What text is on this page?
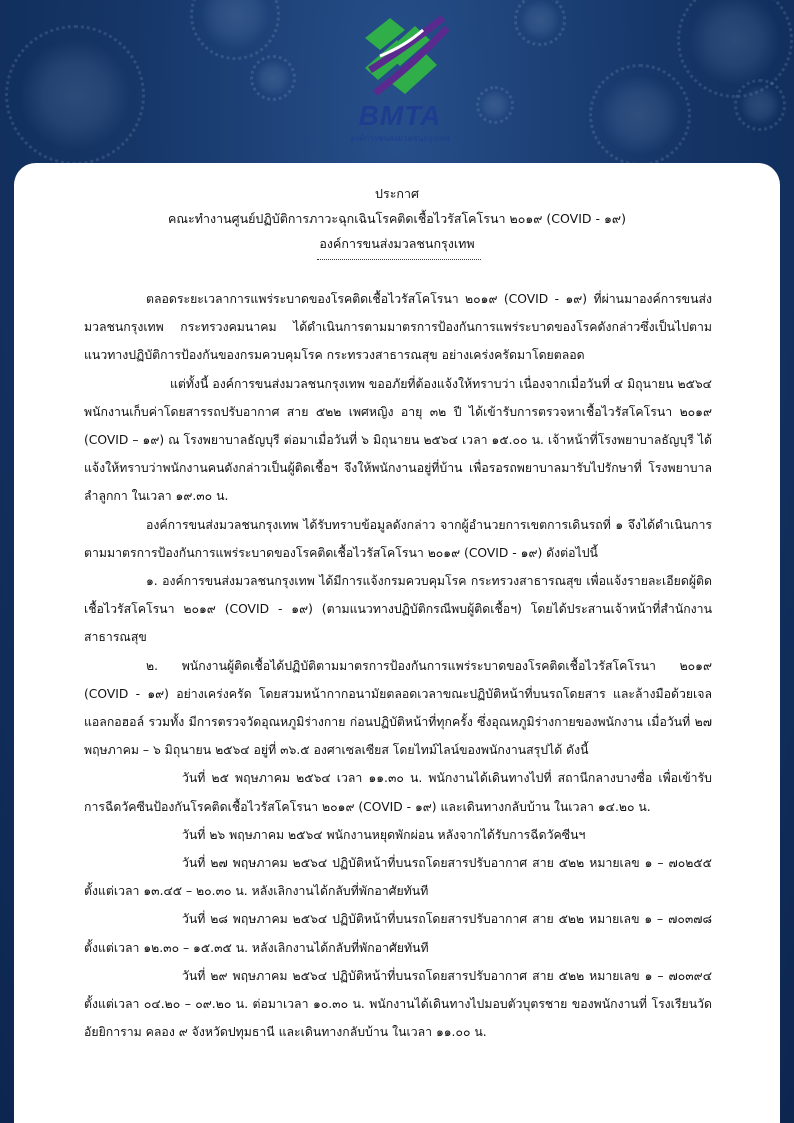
BMTA
องค์การขนส่งมวลชนกรุงเทพ
ประกาศ
คณะทำงานศูนย์ปฏิบัติการภาวะฉุกเฉินโรคติดเชื้อไวรัสโคโรนา ๒๐๑๙ (COVID - ๑๙)
องค์การขนส่งมวลชนกรุงเทพ

ตลอดระยะเวลาการแพร่ระบาดของโรคติดเชื้อไวรัสโคโรนา ๒๐๑๙ (COVID - ๑๙) ที่ผ่านมาองค์การขนส่งมวลชนกรุงเทพ กระทรวงคมนาคม ได้ดำเนินการตามมาตรการป้องกันการแพร่ระบาดของโรคดังกล่าวซึ่งเป็นไปตามแนวทางปฏิบัติการป้องกันของกรมควบคุมโรค กระทรวงสาธารณสุข อย่างเคร่งครัดมาโดยตลอด

แต่ทั้งนี้ องค์การขนส่งมวลชนกรุงเทพ ขออภัยที่ต้องแจ้งให้ทราบว่า เนื่องจากเมื่อวันที่ ๔ มิถุนายน ๒๕๖๔ พนักงานเก็บค่าโดยสารรถปรับอากาศ สาย ๕๒๒ เพศหญิง อายุ ๓๒ ปี ได้เข้ารับการตรวจหาเชื้อไวรัสโคโรนา ๒๐๑๙ (COVID – ๑๙) ณ โรงพยาบาลธัญบุรี ต่อมาเมื่อวันที่ ๖ มิถุนายน ๒๕๖๔ เวลา ๑๕.๐๐ น. เจ้าหน้าที่โรงพยาบาลธัญบุรี ได้แจ้งให้ทราบว่าพนักงานคนดังกล่าวเป็นผู้ติดเชื้อฯ จึงให้พนักงานอยู่ที่บ้าน เพื่อรอรถพยาบาลมารับไปรักษาที่ โรงพยาบาลลำลูกกา ในเวลา ๑๙.๓๐ น.

องค์การขนส่งมวลชนกรุงเทพ ได้รับทราบข้อมูลดังกล่าว จากผู้อำนวยการเขตการเดินรถที่ ๑ จึงได้ดำเนินการตามมาตรการป้องกันการแพร่ระบาดของโรคติดเชื้อไวรัสโคโรนา ๒๐๑๙ (COVID - ๑๙) ดังต่อไปนี้

๑. องค์การขนส่งมวลชนกรุงเทพ ได้มีการแจ้งกรมควบคุมโรค กระทรวงสาธารณสุข เพื่อแจ้งรายละเอียดผู้ติดเชื้อไวรัสโคโรนา ๒๐๑๙ (COVID - ๑๙) (ตามแนวทางปฏิบัติกรณีพบผู้ติดเชื้อฯ) โดยได้ประสานเจ้าหน้าที่สำนักงานสาธารณสุข

๒. พนักงานผู้ติดเชื้อได้ปฏิบัติตามมาตรการป้องกันการแพร่ระบาดของโรคติดเชื้อไวรัสโคโรนา ๒๐๑๙ (COVID - ๑๙) อย่างเคร่งครัด โดยสวมหน้ากากอนามัยตลอดเวลาขณะปฏิบัติหน้าที่บนรถโดยสาร และล้างมือด้วยเจลแอลกอฮอล์ รวมทั้ง มีการตรวจวัดอุณหภูมิร่างกาย ก่อนปฏิบัติหน้าที่ทุกครั้ง ซึ่งอุณหภูมิร่างกายของพนักงาน เมื่อวันที่ ๒๗ พฤษภาคม – ๖ มิถุนายน ๒๕๖๔ อยู่ที่ ๓๖.๕ องศาเซลเซียส โดยไทม์ไลน์ของพนักงานสรุปได้ ดังนี้

วันที่ ๒๕ พฤษภาคม ๒๕๖๔ เวลา ๑๑.๓๐ น. พนักงานได้เดินทางไปที่ สถานีกลางบางซื่อ เพื่อเข้ารับการฉีดวัคซีนป้องกันโรคติดเชื้อไวรัสโคโรนา ๒๐๑๙ (COVID - ๑๙) และเดินทางกลับบ้าน ในเวลา ๑๔.๒๐ น.

วันที่ ๒๖ พฤษภาคม ๒๕๖๔ พนักงานหยุดพักผ่อน หลังจากได้รับการฉีดวัคซีนฯ

วันที่ ๒๗ พฤษภาคม ๒๕๖๔ ปฏิบัติหน้าที่บนรถโดยสารปรับอากาศ สาย ๕๒๒ หมายเลข ๑ – ๗๐๒๕๕ ตั้งแต่เวลา ๑๓.๔๕ – ๒๐.๓๐ น. หลังเลิกงานได้กลับที่พักอาศัยทันที

วันที่ ๒๘ พฤษภาคม ๒๕๖๔ ปฏิบัติหน้าที่บนรถโดยสารปรับอากาศ สาย ๕๒๒ หมายเลข ๑ – ๗๐๓๗๘ ตั้งแต่เวลา ๑๒.๓๐ – ๑๕.๓๕ น. หลังเลิกงานได้กลับที่พักอาศัยทันที

วันที่ ๒๙ พฤษภาคม ๒๕๖๔ ปฏิบัติหน้าที่บนรถโดยสารปรับอากาศ สาย ๕๒๒ หมายเลข ๑ – ๗๐๓๙๔ ตั้งแต่เวลา ๐๔.๒๐ – ๐๙.๒๐ น. ต่อมาเวลา ๑๐.๓๐ น. พนักงานได้เดินทางไปมอบตัวบุตรชาย ของพนักงานที่ โรงเรียนวัดอัยยิการาม คลอง ๙ จังหวัดปทุมธานี และเดินทางกลับบ้าน ในเวลา ๑๑.๐๐ น.
